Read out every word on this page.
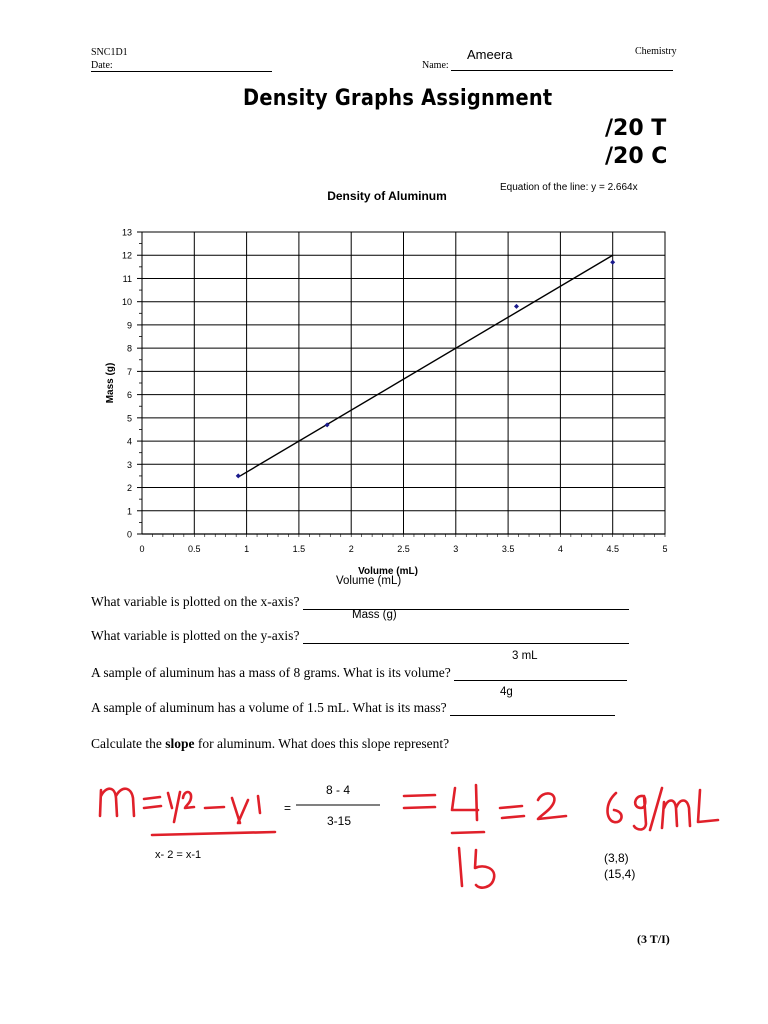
SNC1D1
Date:	Name:
Ameera	Chemistry
Density Graphs Assignment
/20 T
/20 C
Density of Aluminum
Equation of the line: y = 2.664x
0	0.5	1	1.5	2	2.5	3	3.5	4	4.5	5
0
1
2
3
4
5
6
7
8
9
10
11
12
13
Volume (mL)
Mass (g)
Volume (mL)
What variable is plotted on the x-axis?
Mass (g)
What variable is plotted on the y-axis?
3 mL
A sample of aluminum has a mass of 8 grams. What is its volume?
4g
A sample of aluminum has a volume of 1.5 mL. What is its mass?
Calculate the slope for aluminum. What does this slope represent?
=
8 - 4
3-15
x- 2 = x-1	(3,8)
(15,4)
(3 T/I)
